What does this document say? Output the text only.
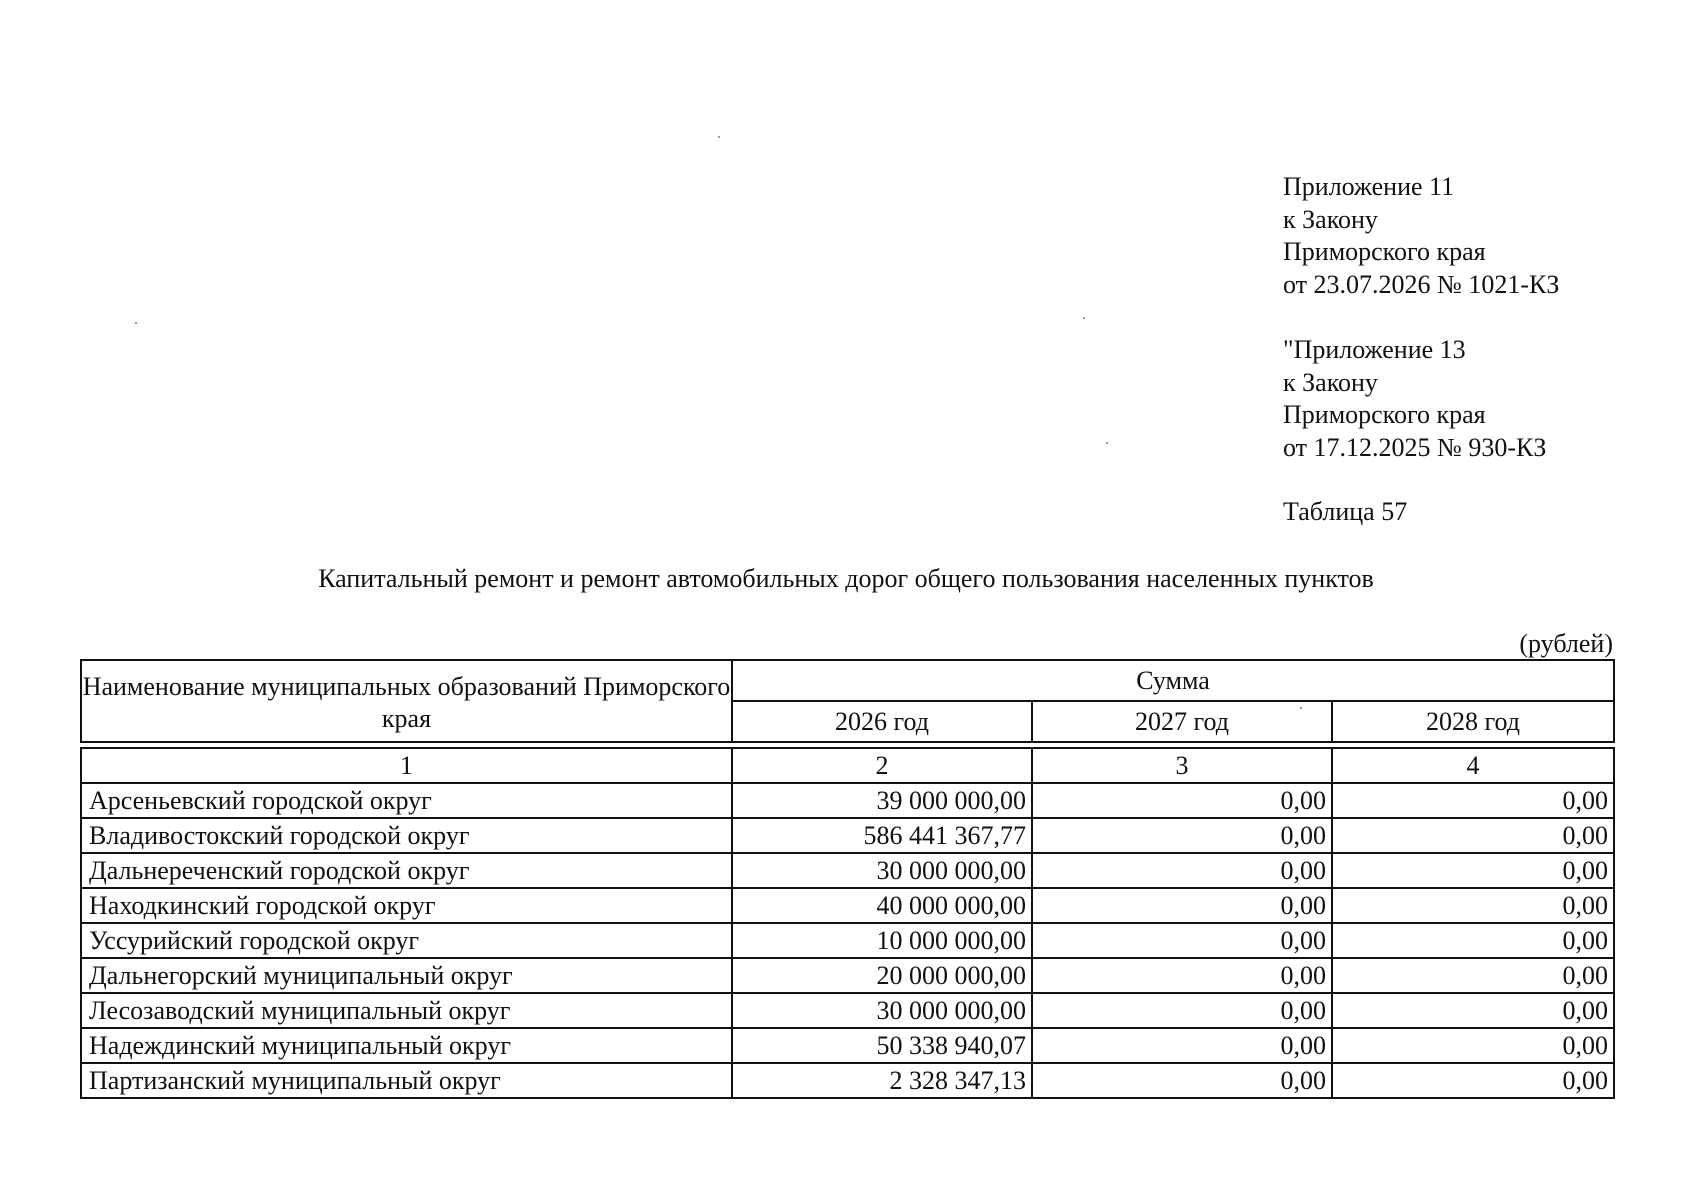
Приложение 11
к Закону
Приморского края
от 23.07.2026 № 1021-КЗ
"Приложение 13
к Закону
Приморского края
от 17.12.2025 № 930-КЗ
Таблица 57
Капитальный ремонт и ремонт автомобильных дорог общего пользования населенных пунктов
(рублей)
Наименование муниципальных образований Приморского края	Сумма		
	2026 год	2027 год	2028 год
1	2	3	4
Арсеньевский городской округ	39 000 000,00	0,00	0,00
Владивостокский городской округ	586 441 367,77	0,00	0,00
Дальнереченский городской округ	30 000 000,00	0,00	0,00
Находкинский городской округ	40 000 000,00	0,00	0,00
Уссурийский городской округ	10 000 000,00	0,00	0,00
Дальнегорский муниципальный округ	20 000 000,00	0,00	0,00
Лесозаводский муниципальный округ	30 000 000,00	0,00	0,00
Надеждинский муниципальный округ	50 338 940,07	0,00	0,00
Партизанский муниципальный округ	2 328 347,13	0,00	0,00
